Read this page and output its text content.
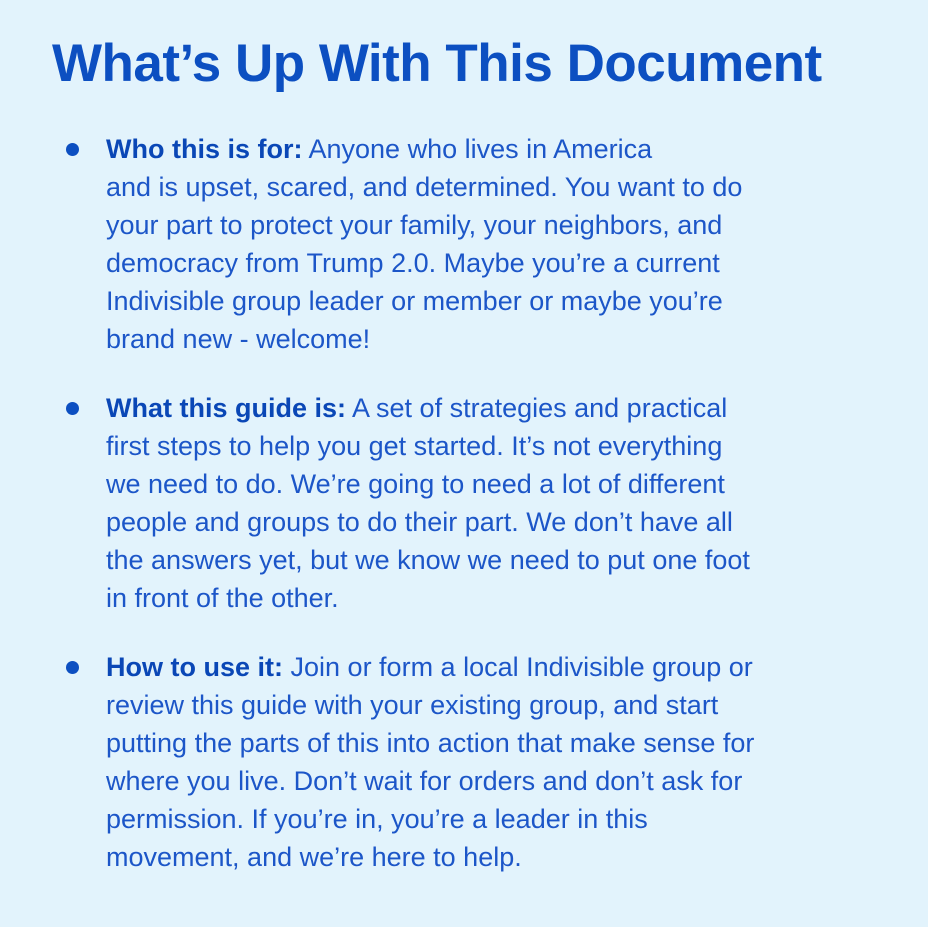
What’s Up With This Document
Who this is for: Anyone who lives in America
and is upset, scared, and determined. You want to do
your part to protect your family, your neighbors, and
democracy from Trump 2.0. Maybe you’re a current
Indivisible group leader or member or maybe you’re
brand new - welcome!
What this guide is: A set of strategies and practical
first steps to help you get started. It’s not everything
we need to do. We’re going to need a lot of different
people and groups to do their part. We don’t have all
the answers yet, but we know we need to put one foot
in front of the other.
How to use it: Join or form a local Indivisible group or
review this guide with your existing group, and start
putting the parts of this into action that make sense for
where you live. Don’t wait for orders and don’t ask for
permission. If you’re in, you’re a leader in this
movement, and we’re here to help.
